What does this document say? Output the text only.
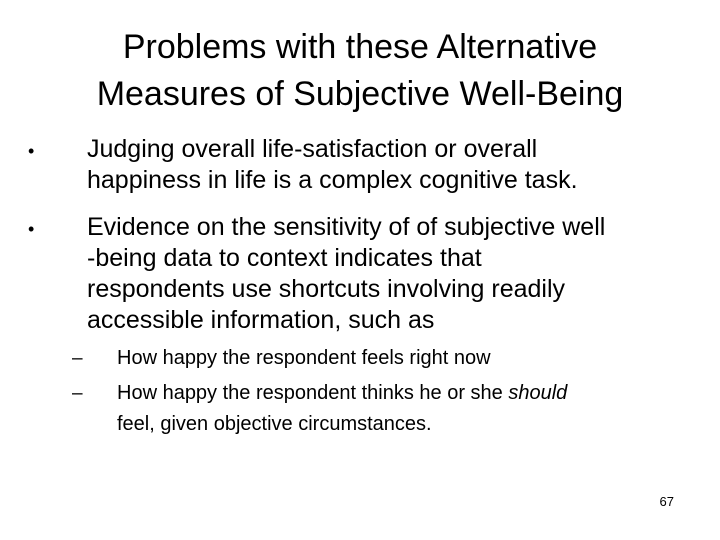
Problems with these Alternative
Measures of Subjective Well-Being
• Judging overall life-satisfaction or overall
happiness in life is a complex cognitive task.
• Evidence on the sensitivity of of subjective well
-being data to context indicates that
respondents use shortcuts involving readily
accessible information, such as
– How happy the respondent feels right now
– How happy the respondent thinks he or she should
feel, given objective circumstances.
67
